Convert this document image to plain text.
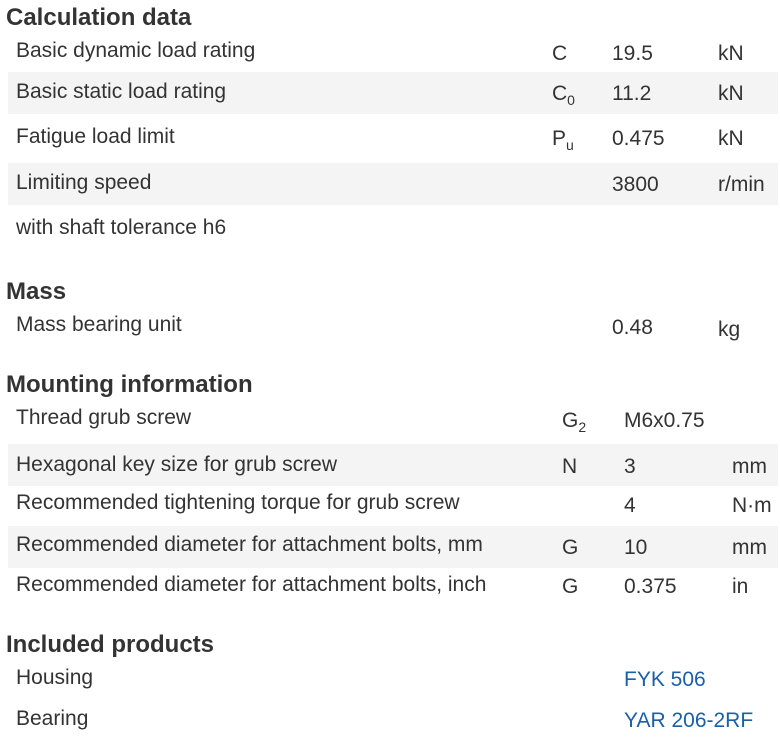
Calculation data
Basic dynamic load rating	C 19.5	kN
Basic static load rating	$C_0$ 11.2	kN
Fatigue load limit	$P_u$ 0.475	kN
Limiting speed	3800	r/min
with shaft tolerance h6
Mass
Mass bearing unit	0.48	kg
Mounting information
Thread grub screw	$G_2$ M6x0.75
Hexagonal key size for grub screw	N 3	mm
Recommended tightening torque for grub screw	4	N·m
Recommended diameter for attachment bolts, mm	G 10	mm
Recommended diameter for attachment bolts, inch	G 0.375	in
Included products
Housing	FYK 506
Bearing	YAR 206-2RF
